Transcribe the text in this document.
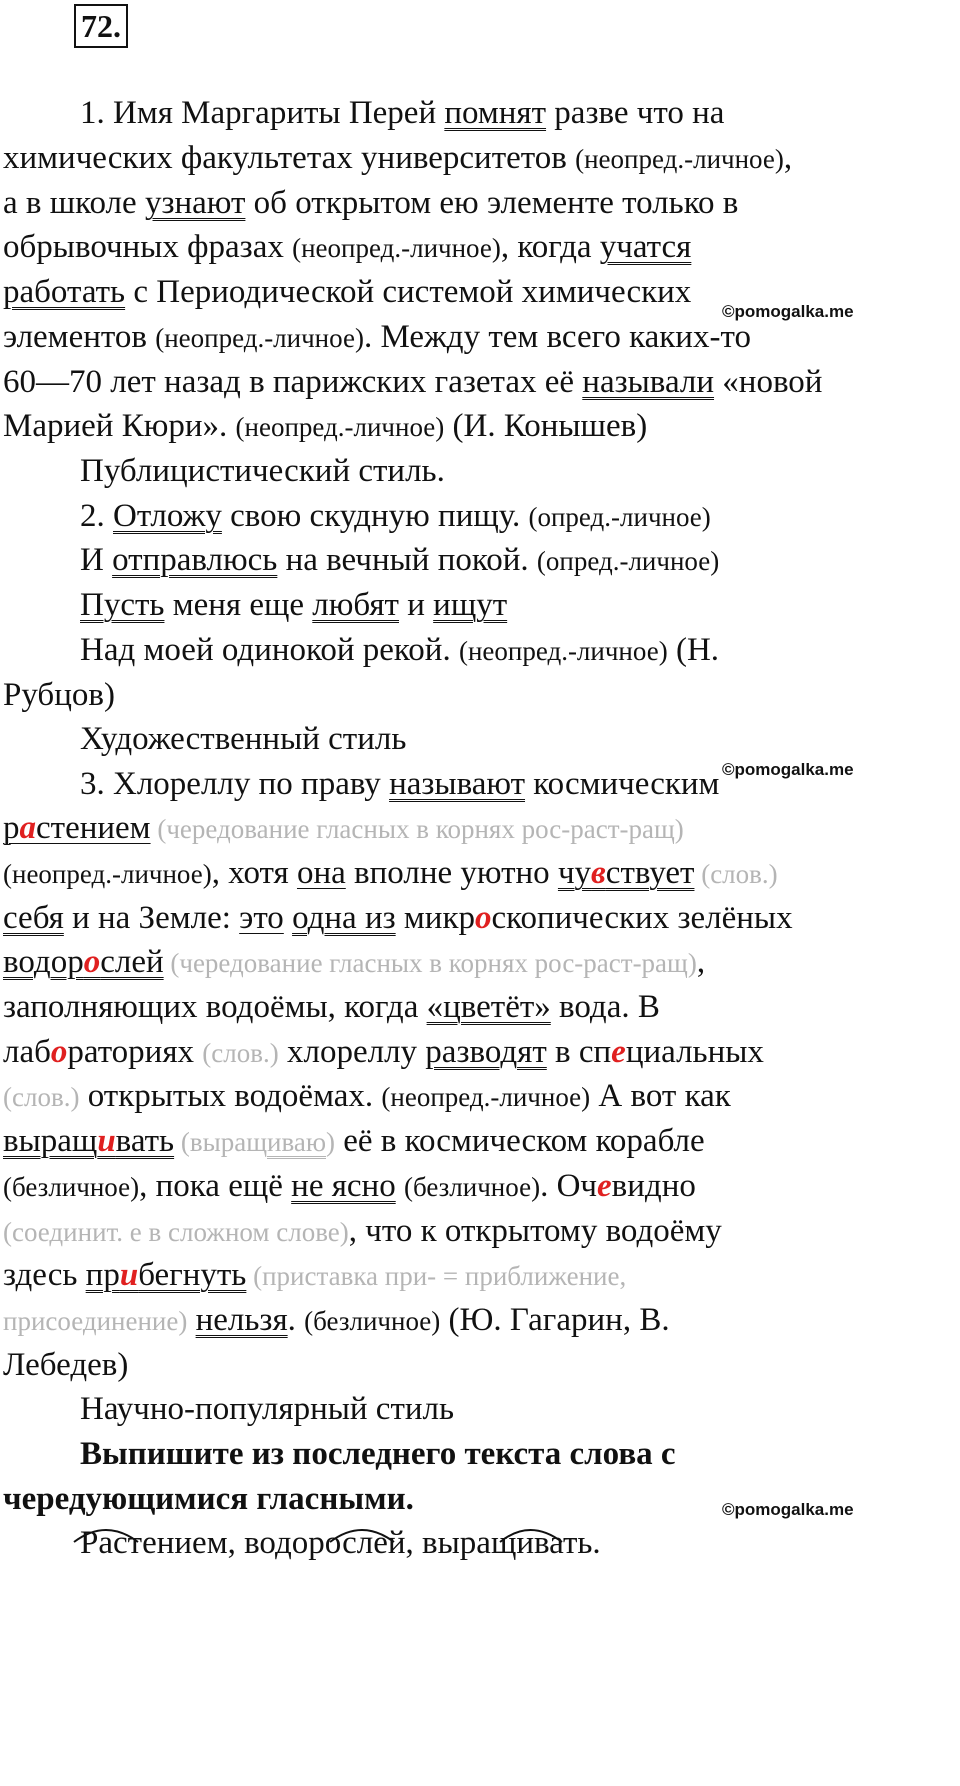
72.
1. Имя Маргариты Перей помнят разве что на
химических факультетах университетов (неопред.-личное),
а в школе узнают об открытом ею элементе только в
обрывочных фразах (неопред.-личное), когда учатся
работать с Периодической системой химических
©pomogalka.me
элементов (неопред.-личное). Между тем всего каких-то
60—70 лет назад в парижских газетах её называли «новой
Марией Кюри». (неопред.-личное) (И. Конышев)
Публицистический стиль.
2. Отложу свою скудную пищу. (опред.-личное)
И отправлюсь на вечный покой. (опред.-личное)
Пусть меня еще любят и ищут
Над моей одинокой рекой. (неопред.-личное) (Н.
©pomogalka.me
Рубцов)
Художественный стиль
3. Хлореллу по праву называют космическим
растением (чередование гласных в корнях рос-раст-ращ)
(неопред.-личное), хотя она вполне уютно чувствует (слов.)
себя и на Земле: это одна из микроскопических зелёных
водорослей (чередование гласных в корнях рос-раст-ращ),
заполняющих водоёмы, когда «цветёт» вода. В
лабораториях (слов.) хлореллу разводят в специальных
(слов.) открытых водоёмах. (неопред.-личное) А вот как
выращивать (выращиваю) её в космическом корабле
(безличное), пока ещё не ясно (безличное). Очевидно
(соединит. е в сложном слове), что к открытому водоёму
здесь прибегнуть (приставка при- = приближение,
присоединение) нельзя. (безличное) (Ю. Гагарин, В.
Лебедев)
Научно-популярный стиль
Выпишите из последнего текста слова с
чередующимися гласными.	©pomogalka.me
Растением, водорослей, выращивать.
